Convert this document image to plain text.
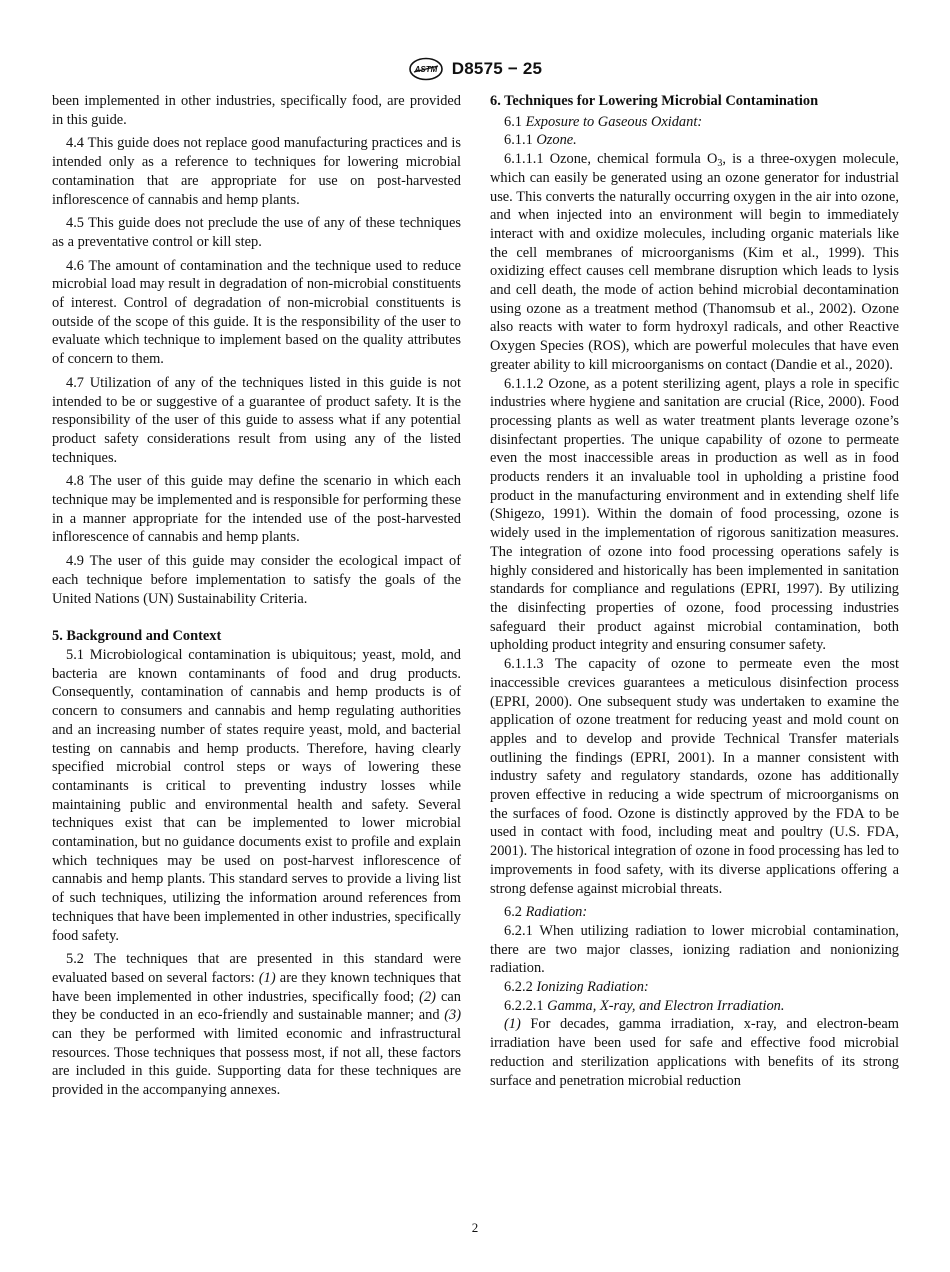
ASTM D8575 − 25

been implemented in other industries, specifically food, are provided in this guide.

4.4 This guide does not replace good manufacturing practices and is intended only as a reference to techniques for lowering microbial contamination that are appropriate for use on post-harvested inflorescence of cannabis and hemp plants.

4.5 This guide does not preclude the use of any of these techniques as a preventative control or kill step.

4.6 The amount of contamination and the technique used to reduce microbial load may result in degradation of non-microbial constituents of interest. Control of degradation of non-microbial constituents is outside of the scope of this guide. It is the responsibility of the user to evaluate which technique to implement based on the quality attributes of concern to them.

4.7 Utilization of any of the techniques listed in this guide is not intended to be or suggestive of a guarantee of product safety. It is the responsibility of the user of this guide to assess what if any potential product safety considerations result from using any of the listed techniques.

4.8 The user of this guide may define the scenario in which each technique may be implemented and is responsible for performing these in a manner appropriate for the intended use of the post-harvested inflorescence of cannabis and hemp plants.

4.9 The user of this guide may consider the ecological impact of each technique before implementation to satisfy the goals of the United Nations (UN) Sustainability Criteria.

5. Background and Context

5.1 Microbiological contamination is ubiquitous; yeast, mold, and bacteria are known contaminants of food and drug products. Consequently, contamination of cannabis and hemp products is of concern to consumers and cannabis and hemp regulating authorities and an increasing number of states require yeast, mold, and bacterial testing on cannabis and hemp products. Therefore, having clearly specified microbial control steps or ways of lowering these contaminants is critical to preventing industry losses while maintaining public and environmental health and safety. Several techniques exist that can be implemented to lower microbial contamination, but no guidance documents exist to profile and explain which techniques may be used on post-harvest inflorescence of cannabis and hemp plants. This standard serves to provide a living list of such techniques, utilizing the information around references from techniques that have been implemented in other industries, specifically food safety.

5.2 The techniques that are presented in this standard were evaluated based on several factors: (1) are they known techniques that have been implemented in other industries, specifically food; (2) can they be conducted in an eco-friendly and sustainable manner; and (3) can they be performed with limited economic and infrastructural resources. Those techniques that possess most, if not all, these factors are included in this guide. Supporting data for these techniques are provided in the accompanying annexes.

6. Techniques for Lowering Microbial Contamination

6.1 Exposure to Gaseous Oxidant:

6.1.1 Ozone.

6.1.1.1 Ozone, chemical formula $O_3$, is a three-oxygen molecule, which can easily be generated using an ozone generator for industrial use. This converts the naturally occurring oxygen in the air into ozone, and when injected into an environment will begin to immediately interact with and oxidize molecules, including organic materials like the cell membranes of microorganisms (Kim et al., 1999). This oxidizing effect causes cell membrane disruption which leads to lysis and cell death, the mode of action behind microbial decontamination using ozone as a treatment method (Thanomsub et al., 2002). Ozone also reacts with water to form hydroxyl radicals, and other Reactive Oxygen Species (ROS), which are powerful molecules that have even greater ability to kill microorganisms on contact (Dandie et al., 2020).

6.1.1.2 Ozone, as a potent sterilizing agent, plays a role in specific industries where hygiene and sanitation are crucial (Rice, 2000). Food processing plants as well as water treatment plants leverage ozone’s disinfectant properties. The unique capability of ozone to permeate even the most inaccessible areas in production as well as in food products renders it an invaluable tool in upholding a pristine food product in the manufacturing environment and in extending shelf life (Shigezo, 1991). Within the domain of food processing, ozone is widely used in the implementation of rigorous sanitization measures. The integration of ozone into food processing operations safely is highly considered and historically has been implemented in sanitation standards for compliance and regulations (EPRI, 1997). By utilizing the disinfecting properties of ozone, food processing industries safeguard their product against microbial contamination, both upholding product integrity and ensuring consumer safety.

6.1.1.3 The capacity of ozone to permeate even the most inaccessible crevices guarantees a meticulous disinfection process (EPRI, 2000). One subsequent study was undertaken to examine the application of ozone treatment for reducing yeast and mold count on apples and to develop and provide Technical Transfer materials outlining the findings (EPRI, 2001). In a manner consistent with industry safety and regulatory standards, ozone has additionally proven effective in reducing a wide spectrum of microorganisms on the surfaces of food. Ozone is distinctly approved by the FDA to be used in contact with food, including meat and poultry (U.S. FDA, 2001). The historical integration of ozone in food processing has led to improvements in food safety, with its diverse applications offering a strong defense against microbial threats.

6.2 Radiation:

6.2.1 When utilizing radiation to lower microbial contamination, there are two major classes, ionizing radiation and nonionizing radiation.

6.2.2 Ionizing Radiation:

6.2.2.1 Gamma, X-ray, and Electron Irradiation.

(1) For decades, gamma irradiation, x-ray, and electron-beam irradiation have been used for safe and effective food microbial reduction and sterilization applications with benefits of its strong surface and penetration microbial reduction

2
